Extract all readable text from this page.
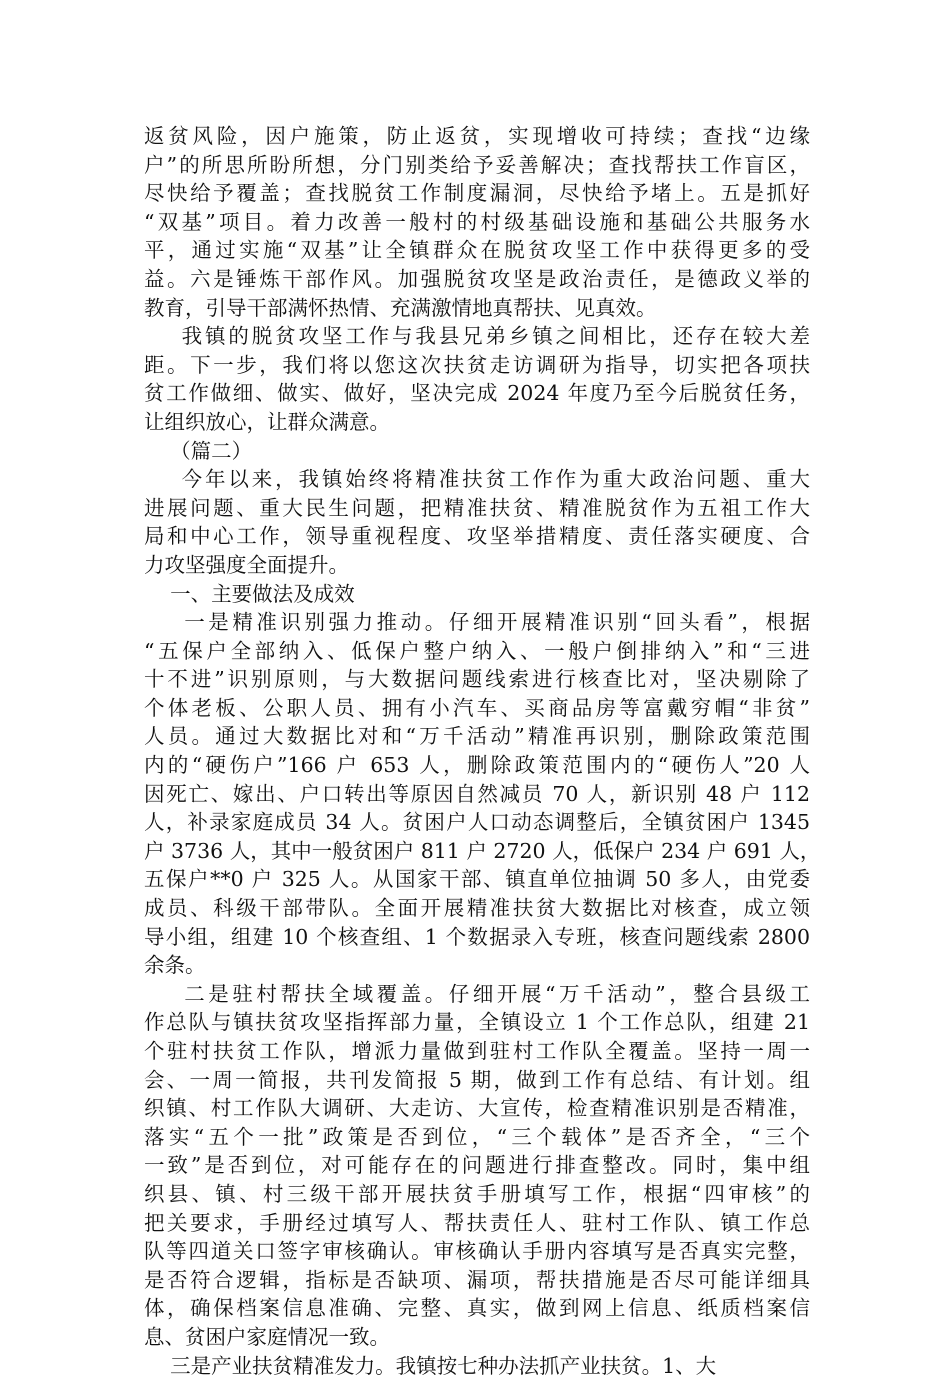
返贫风险，因户施策，防止返贫，实现增收可持续；查找“边缘
户”的所思所盼所想，分门别类给予妥善解决；查找帮扶工作盲区，
尽快给予覆盖；查找脱贫工作制度漏洞，尽快给予堵上。五是抓好
“双基”项目。着力改善一般村的村级基础设施和基础公共服务水
平，通过实施“双基”让全镇群众在脱贫攻坚工作中获得更多的受
益。六是锤炼干部作风。加强脱贫攻坚是政治责任，是德政义举的
教育，引导干部满怀热情、充满激情地真帮扶、见真效。
我镇的脱贫攻坚工作与我县兄弟乡镇之间相比，还存在较大差
距。下一步，我们将以您这次扶贫走访调研为指导，切实把各项扶
贫工作做细、做实、做好，坚决完成 2024 年度乃至今后脱贫任务，
让组织放心，让群众满意。
（篇二）
今年以来，我镇始终将精准扶贫工作作为重大政治问题、重大
进展问题、重大民生问题，把精准扶贫、精准脱贫作为五祖工作大
局和中心工作，领导重视程度、攻坚举措精度、责任落实硬度、合
力攻坚强度全面提升。
一、主要做法及成效
一是精准识别强力推动。仔细开展精准识别“回头看”，根据
“五保户全部纳入、低保户整户纳入、一般户倒排纳入”和“三进
十不进”识别原则，与大数据问题线索进行核查比对，坚决剔除了
个体老板、公职人员、拥有小汽车、买商品房等富戴穷帽“非贫”
人员。通过大数据比对和“万千活动”精准再识别，删除政策范围
内的“硬伤户”166 户 653 人，删除政策范围内的“硬伤人”20 人
因死亡、嫁出、户口转出等原因自然减员 70 人，新识别 48 户 112
人，补录家庭成员 34 人。贫困户人口动态调整后，全镇贫困户 1345
户 3736 人，其中一般贫困户 811 户 2720 人，低保户 234 户 691 人，
五保户**0 户 325 人。从国家干部、镇直单位抽调 50 多人，由党委
成员、科级干部带队。全面开展精准扶贫大数据比对核查，成立领
导小组，组建 10 个核查组、1 个数据录入专班，核查问题线索 2800
余条。
二是驻村帮扶全域覆盖。仔细开展“万千活动”，整合县级工
作总队与镇扶贫攻坚指挥部力量，全镇设立 1 个工作总队，组建 21
个驻村扶贫工作队，增派力量做到驻村工作队全覆盖。坚持一周一
会、一周一简报，共刊发简报 5 期，做到工作有总结、有计划。组
织镇、村工作队大调研、大走访、大宣传，检查精准识别是否精准，
落实“五个一批”政策是否到位，“三个载体”是否齐全，“三个
一致”是否到位，对可能存在的问题进行排查整改。同时，集中组
织县、镇、村三级干部开展扶贫手册填写工作，根据“四审核”的
把关要求，手册经过填写人、帮扶责任人、驻村工作队、镇工作总
队等四道关口签字审核确认。审核确认手册内容填写是否真实完整，
是否符合逻辑，指标是否缺项、漏项，帮扶措施是否尽可能详细具
体，确保档案信息准确、完整、真实，做到网上信息、纸质档案信
息、贫困户家庭情况一致。
三是产业扶贫精准发力。我镇按七种办法抓产业扶贫。1、大
